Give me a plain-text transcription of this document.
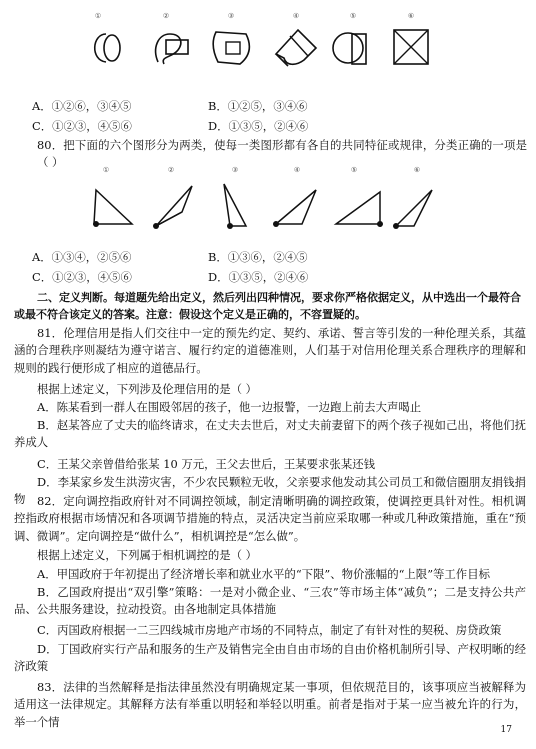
①	②	③	④	⑤	⑥
A．①②⑥，③④⑤	B．①②⑤，③④⑥
C．①②③，④⑤⑥	D．①③⑤，②④⑥
80．把下面的六个图形分为两类，使每一类图形都有各自的共同特征或规律，分类正确的一项是（ ）
①	②	③	④	⑤	⑥
A．①③④，②⑤⑥	B．①③⑥，②④⑤
C．①②③，④⑤⑥	D．①③⑤，②④⑥
二、定义判断。每道题先给出定义，然后列出四种情况，要求你严格依据定义，从中选出一个最符合
或最不符合该定义的答案。注意：假设这个定义是正确的，不容置疑的。
81．伦理信用是指人们交往中一定的预先约定、契约、承诺、誓言等引发的一种伦理关系，其蕴涵的合理秩序则凝结为遵守诺言、履行约定的道德准则，人们基于对信用伦理关系合理秩序的理解和规则的践行便形成了相应的道德品行。
根据上述定义，下列涉及伦理信用的是（ ）
A．陈某看到一群人在围殴邻居的孩子，他一边报警，一边跑上前去大声喝止
B．赵某答应了丈夫的临终请求，在丈夫去世后，对丈夫前妻留下的两个孩子视如己出，将他们抚养成人
C．王某父亲曾借给张某 10 万元，王父去世后，王某要求张某还钱
D．李某家乡发生洪涝灾害，不少农民颗粒无收，父亲要求他发动其公司员工和微信圈朋友捐钱捐物	82．定向调控指政府针对不同调控领域，制定清晰明确的调控政策，使调控更具针对性。相机调控指政府根据市场情况和各项调节措施的特点，灵活决定当前应采取哪一种或几种政策措施，重在“预调、微调”。定向调控是“做什么”，相机调控是“怎么做”。
根据上述定义，下列属于相机调控的是（ ）
A．甲国政府于年初提出了经济增长率和就业水平的“下限”、物价涨幅的“上限”等工作目标
B．乙国政府提出“双引擎”策略：一是对小微企业、“三农”等市场主体“减负”；二是支持公共产品、公共服务建设，拉动投资。由各地制定具体措施
C．丙国政府根据一二三四线城市房地产市场的不同特点，制定了有针对性的契税、房贷政策
D．丁国政府实行产品和服务的生产及销售完全由自由市场的自由价格机制所引导、产权明晰的经济政策
83．法律的当然解释是指法律虽然没有明确规定某一事项，但依规范目的，该事项应当被解释为适用这一法律规定。其解释方法有举重以明轻和举轻以明重。前者是指对于某一应当被允许的行为，举一个情
17
